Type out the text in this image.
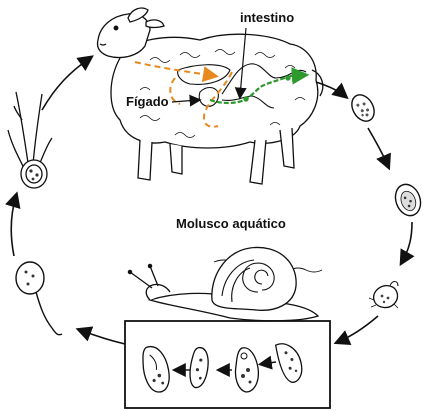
intestino
Fígado
Molusco aquático
